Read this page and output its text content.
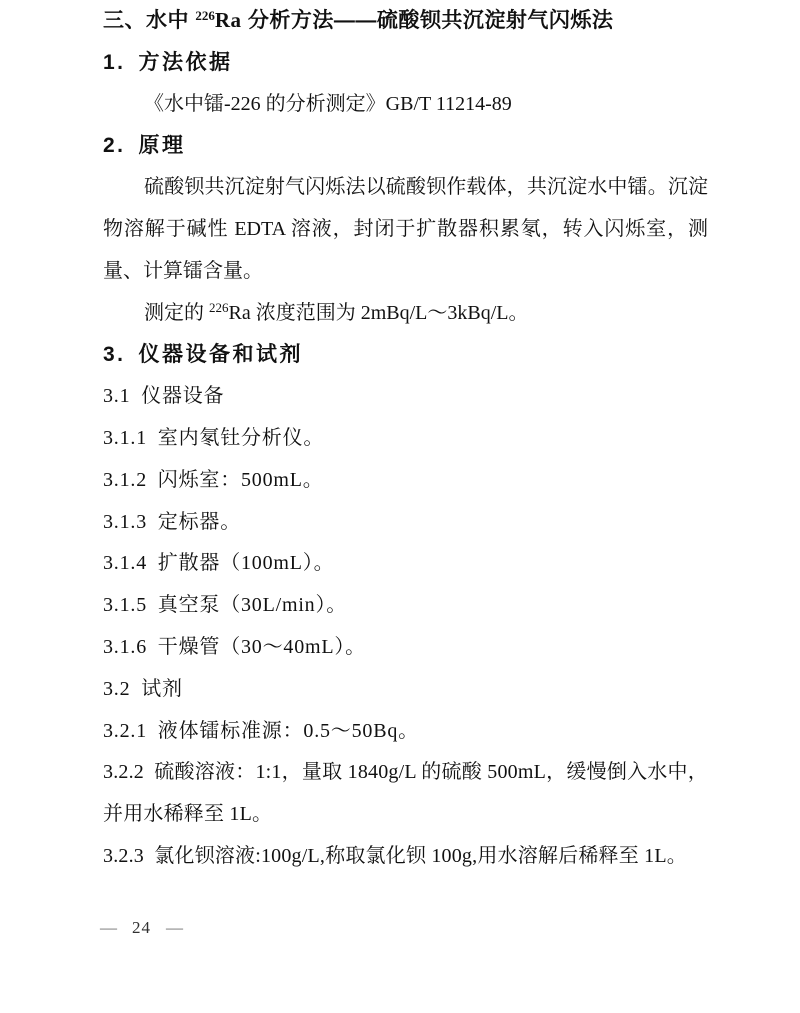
三、水中 $^{226}$Ra 分析方法——硫酸钡共沉淀射气闪烁法
1. 方法依据

《水中镭-226 的分析测定》GB/T 11214-89

2. 原理

硫酸钡共沉淀射气闪烁法以硫酸钡作载体，共沉淀水中镭。沉淀物溶解于碱性 EDTA 溶液，封闭于扩散器积累氡，转入闪烁室，测量、计算镭含量。

测定的 $^{226}$Ra 浓度范围为 2mBq/L～3kBq/L。

3. 仪器设备和试剂

3.1 仪器设备

3.1.1 室内氡钍分析仪。

3.1.2 闪烁室：500mL。

3.1.3 定标器。

3.1.4 扩散器（100mL）。

3.1.5 真空泵（30L/min）。

3.1.6 干燥管（30～40mL）。

3.2 试剂

3.2.1 液体镭标准源：0.5～50Bq。

3.2.2 硫酸溶液：1:1，量取 1840g/L 的硫酸 500mL，缓慢倒入水中，并用水稀释至 1L。

3.2.3 氯化钡溶液:100g/L,称取氯化钡 100g,用水溶解后稀释至 1L。

— 24 —
